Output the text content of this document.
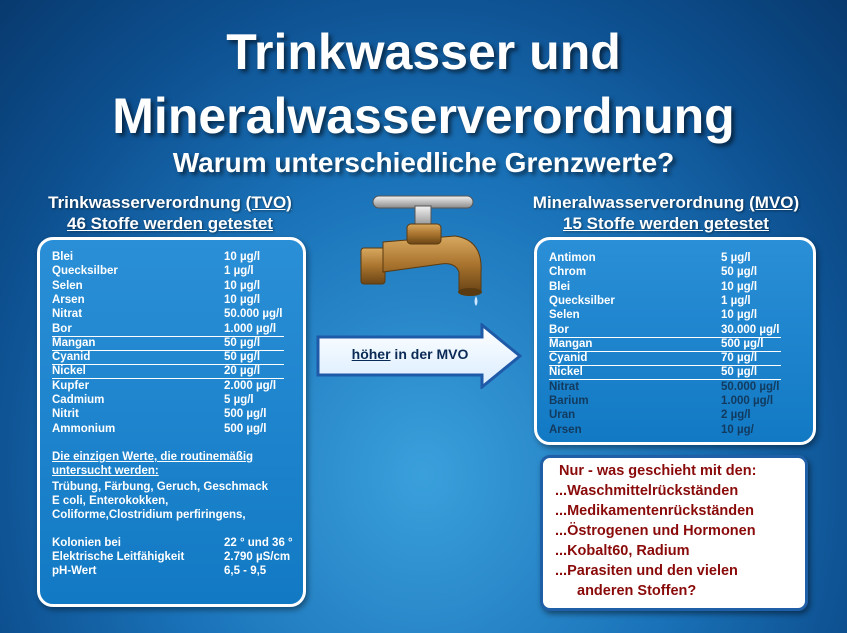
Trinkwasser und
Mineralwasserverordnung
Warum unterschiedliche Grenzwerte?
Trinkwasserverordnung (TVO)
46 Stoffe werden getestet
Mineralwasserverordnung (MVO)
15 Stoffe werden getestet
Blei	10 µg/l
Quecksilber	1 µg/l
Selen	10 µg/l
Arsen	10 µg/l
Nitrat	50.000 µg/l
Bor	1.000 µg/l
Mangan	50 µg/l
Cyanid	50 µg/l
Nickel	20 µg/l
Kupfer	2.000 µg/l
Cadmium	5 µg/l
Nitrit	500 µg/l
Ammonium	500 µg/l
Die einzigen Werte, die routinemäßig
untersucht werden:
Trübung, Färbung, Geruch, Geschmack
E coli, Enterokokken,
Coliforme,Clostridium perfiringens,
Kolonien bei	22 ° und 36 °
Elektrische Leitfähigkeit	2.790 µS/cm
pH-Wert	6,5 - 9,5
höher in der MVO
Antimon	5 µg/l
Chrom	50 µg/l
Blei	10 µg/l
Quecksilber	1 µg/l
Selen	10 µg/l
Bor	30.000 µg/l
Mangan	500 µg/l
Cyanid	70 µg/l
Nickel	50 µg/l
Nitrat	50.000 µg/l
Barium	1.000 µg/l
Uran	2 µg/l
Arsen	10 µg/
Nur - was geschieht mit den:
...Waschmittelrückständen
...Medikamentenrückständen
...Östrogenen und Hormonen
...Kobalt60, Radium
...Parasiten und den vielen
anderen Stoffen?
